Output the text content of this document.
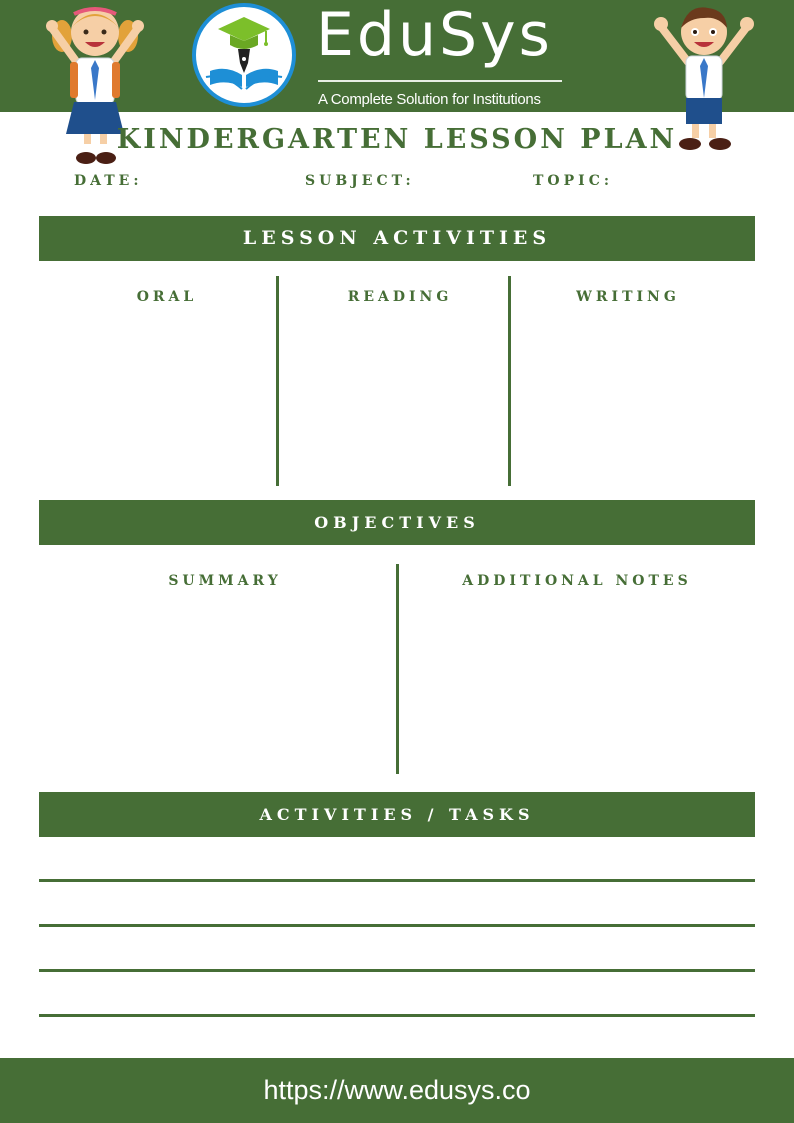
EduSys
A Complete Solution for Institutions
KINDERGARTEN LESSON PLAN
DATE:	SUBJECT:	TOPIC:
LESSON ACTIVITIES
ORAL	READING	WRITING
OBJECTIVES
SUMMARY	ADDITIONAL NOTES
ACTIVITIES / TASKS
https://www.edusys.co
